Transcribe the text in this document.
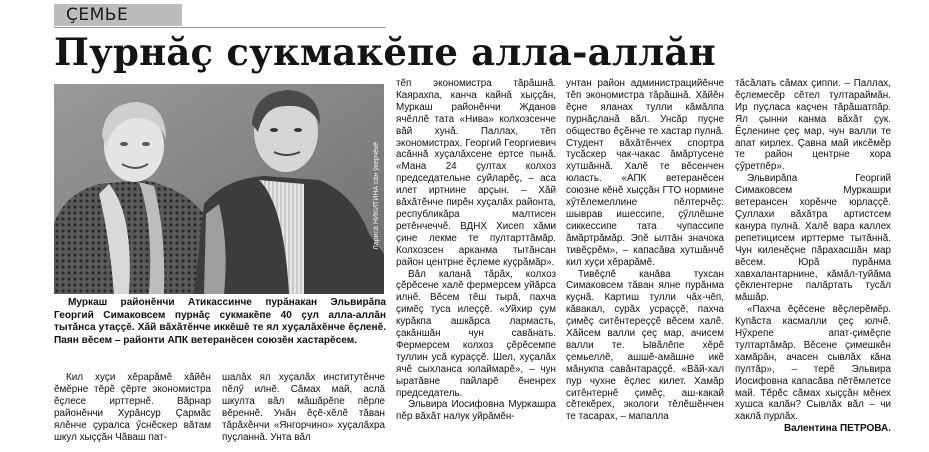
ÇЕМЬЕ
Пурнăç сукмакĕпе алла-аллăн
Ларисă НИКИТИНА сăн ӳкерчĕкĕ
Муркаш районĕнчи Атикассинче пурăнакан Эльвирăпа Георгий Симаковсем пурнăç сукмакĕпе 40 çул алла-аллăн тытăнса утаççĕ. Хăй вăхăтĕнче иккĕшĕ те ял хуçалăхĕнче ĕçленĕ. Паян вĕсем – районти АПК ветеранĕсен союзĕн хастарĕсем.

Кил хуçи хĕрарăмĕ хăйĕн ĕмĕрне тĕрĕ çĕрте экономистра ĕçлесе ирттернĕ. Вăрнар районĕнчи Хурăнсур Çармăс ялĕнче çуралса ӳснĕскер вăтам шкул хыççăн Чăваш пат-

шалăх ял хуçалăх институтĕнче пĕлӳ илнĕ. Сăмах май, аслă шкулта вăл мăшăрĕпе пĕрле вĕреннĕ. Унăн ĕçĕ-хĕлĕ тăван тăрăхĕнчи «Янгорчино» хуçалăхра пуçланнă. Унта вăл

тĕп экономистра тăрăшнă. Каярахпа, канча кайнă хыççăн, Муркаш районĕнчи Жданов ячĕллĕ тата «Нива» колхозсенче вăй хунă. Паллах, тĕп экономистрах. Георгий Георгиевич асăннă хуçалăхсене ертсе пынă. «Мана 24 çултах колхоз председательне суйларĕç, – аса илет иртнине арçын. – Хăй вăхăтĕнче пирĕн хуçалăх районта, республикăра малтисен ретĕнчеччĕ. ВДНХ Хисеп хăми çине лекме те пултарттăмăр. Колхозсен арканма тытăнсан район центрне ĕçлеме куçрăмăр».

Вăл каланă тăрăх, колхоз çĕрĕсене халĕ фермерсем уйăрса илнĕ. Вĕсем тĕш тырă, пахча çимĕç туса илеççĕ. «Уйхир çум курăкпа ашкăрса лармасть, çакăншăн чун савăнать. Фермерсем колхоз çĕрĕсемпе туллин усă кураççĕ. Шел, хуçалăх ячĕ сыхланса юлаймарĕ», – чун ыратăвне пайларĕ ĕненрех председатель.

Эльвира Иосифовна Муркашра пĕр вăхăт налук уйрăмĕн-

унтан район администрацийĕнче тĕп экономистра тăрăшнă. Хăйĕн ĕçне яланах тулли кăмăлпа пурнăçланă вăл. Унсăр пуçне общество ĕçĕнче те хастар пулнă. Студент вăхăтĕнчех спортра тусăскер чак-чакас ăмăртусене хутшăннă. Халĕ те вĕсенчен юласть. «АПК ветеранĕсен союзне кĕнĕ хыççăн ГТО нормине хӳтĕлемеллине пĕлтерчĕç: шыврав ишессипе, çӳллĕшне сиккессипе тата чупассипе ăмăртрăмăр. Эпĕ ылтăн значока тивĕçрĕм», – капасăва хутшăнчĕ кил хуçи хĕрарăмĕ.

Тивĕçлĕ канăва тухсан Симаковсем тăван ялне пурăнма куçнă. Картиш тулли чăх-чĕп, кăвакал, сурăх усраççĕ, пахча çимĕç ситĕнтереççĕ вĕсем халĕ. Хăйсем валли çеç мар, ачисем валли те. Ывăлĕпе хĕрĕ çемьеллĕ, ашшĕ-амăшне икĕ мăнукпа савăнтараççĕ. «Вăй-хал пур чухне ĕçлес килет. Хамăр ситĕнтернĕ çимĕç, аш-какай сĕтекĕрех, экологи тĕлĕшĕнчен те тасарах, – мапалла

тăсăлать сăмах çиппи. – Паллах, ĕçлемесĕр сĕтел тултараймăн. Ир пуçласа каçчен тăрăшатпăр. Ял çынни канма вăхăт çук. Ĕçленине çеç мар, чун валли те апат кирлех. Çавна май иксĕмĕр те район центрне хора çӳретпĕр».

Эльвирăпа Георгий Симаковсем Муркашри ветерансен хорĕнче юрлаççĕ. Çуллахи вăхăтра артистсем канура пулнă. Халĕ вара каллех репетицисем ирттерме тытăннă. Чун киленĕçне пăрахасшăн мар вĕсем. Юрă пурăнма хавхалантарнине, кăмăл-туйăма çĕклентерне палăртать тусăл мăшăр.

«Пахча ĕçĕсене вĕçлерĕмĕр. Купăста касмалли çеç юлчĕ. Нӳхрепе апат-çимĕçпе тултартăмăр. Вĕсене çимешкĕн хамăрăн, ачасен сывлăх кăна пултăр», – терĕ Эльвира Иосифовна капасăва пĕтĕмлетсе май. Тĕрĕс сăмах хыççăн мĕнех хушса калăн? Сывлăх вăл – чи хаклă пурлăх.

Валентина ПЕТРОВА.
